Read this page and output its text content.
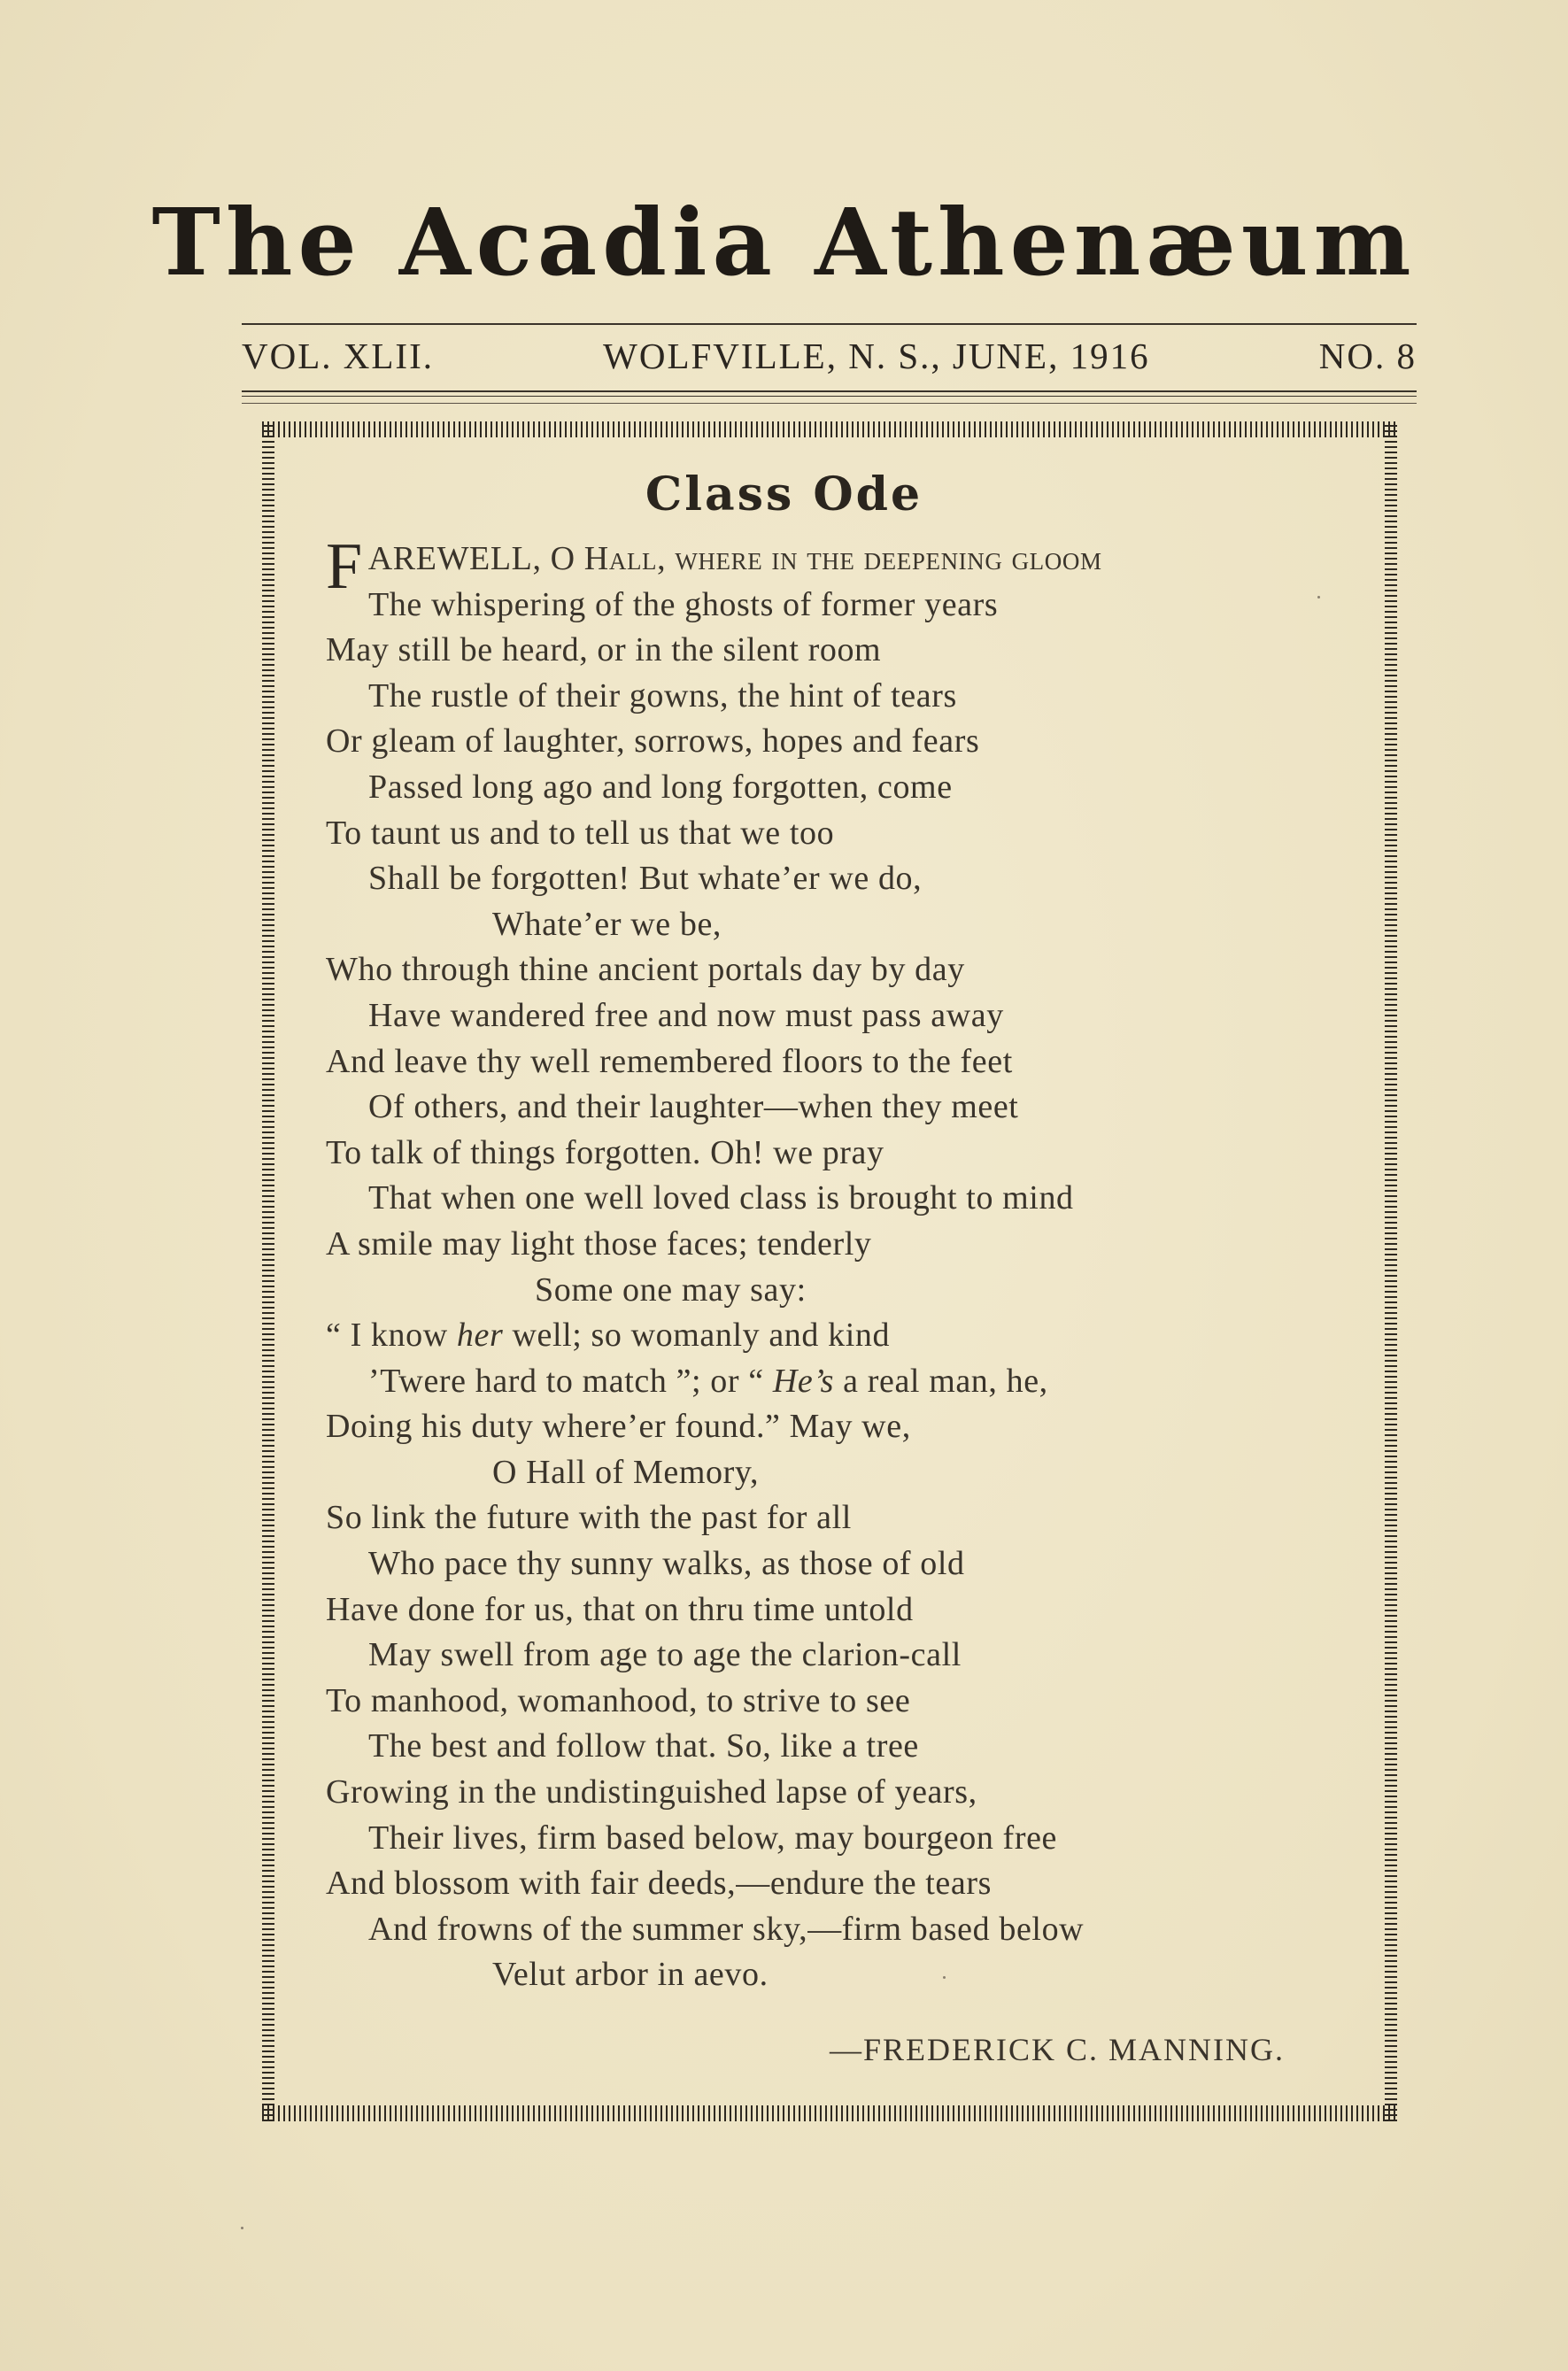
The Acadia Athenæum
VOL. XLII.	WOLFVILLE, N. S., JUNE, 1916	NO. 8
Class Ode
F AREWELL, O Hall, where in the deepening gloom
The whispering of the ghosts of former years
May still be heard, or in the silent room
The rustle of their gowns, the hint of tears
Or gleam of laughter, sorrows, hopes and fears
Passed long ago and long forgotten, come
To taunt us and to tell us that we too
Shall be forgotten! But whate’er we do,
Whate’er we be,
Who through thine ancient portals day by day
Have wandered free and now must pass away
And leave thy well remembered floors to the feet
Of others, and their laughter—when they meet
To talk of things forgotten. Oh! we pray
That when one well loved class is brought to mind
A smile may light those faces; tenderly
Some one may say:
“ I know her well; so womanly and kind
’Twere hard to match ”; or “ He’s a real man, he,
Doing his duty where’er found.” May we,
O Hall of Memory,
So link the future with the past for all
Who pace thy sunny walks, as those of old
Have done for us, that on thru time untold
May swell from age to age the clarion-call
To manhood, womanhood, to strive to see
The best and follow that. So, like a tree
Growing in the undistinguished lapse of years,
Their lives, firm based below, may bourgeon free
And blossom with fair deeds,—endure the tears
And frowns of the summer sky,—firm based below
Velut arbor in aevo.
—FREDERICK C. MANNING.
